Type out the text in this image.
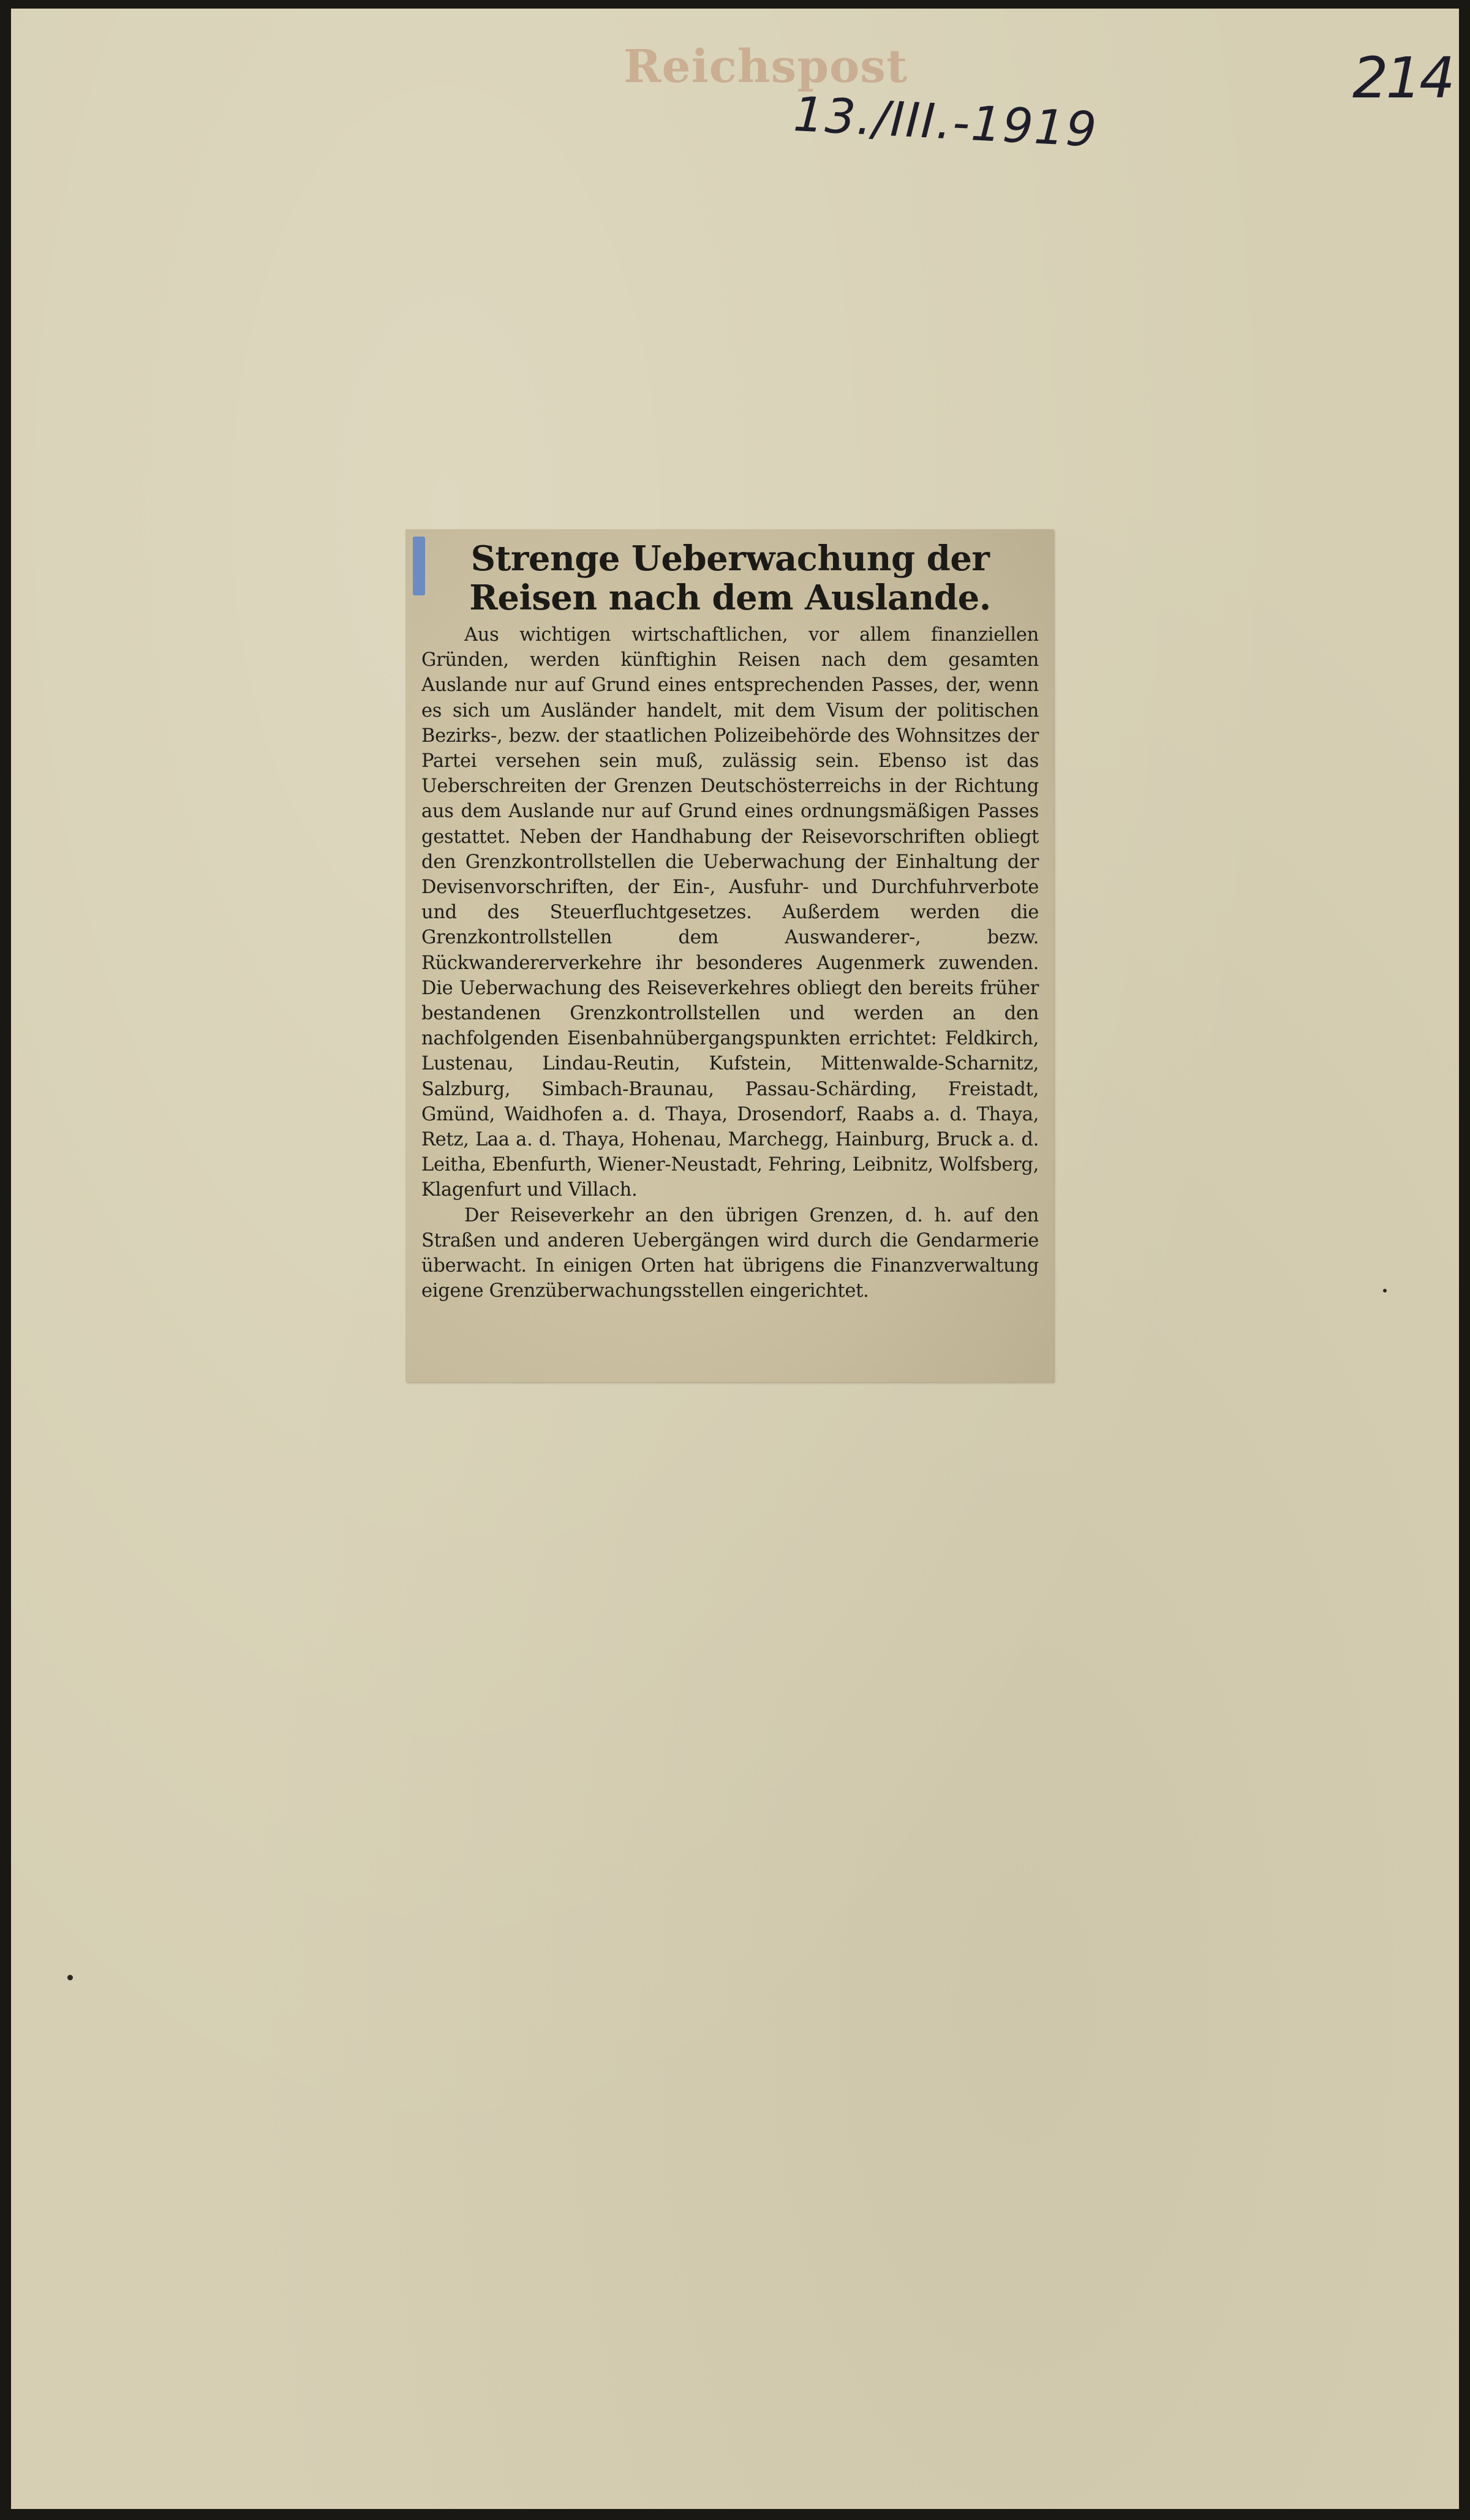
Reichspost
13./III.-1919
214
Strenge Ueberwachung der Reisen nach dem Auslande.

Aus wichtigen wirtschaftlichen, vor allem finanziellen Gründen, werden künftighin Reisen nach dem gesamten Auslande nur auf Grund eines entsprechenden Passes, der, wenn es sich um Ausländer handelt, mit dem Visum der politischen Bezirks-, bezw. der staatlichen Polizeibehörde des Wohnsitzes der Partei versehen sein muß, zulässig sein. Ebenso ist das Ueberschreiten der Grenzen Deutschösterreichs in der Richtung aus dem Auslande nur auf Grund eines ordnungsmäßigen Passes gestattet. Neben der Handhabung der Reisevorschriften obliegt den Grenzkontrollstellen die Ueberwachung der Einhaltung der Devisenvorschriften, der Ein-, Ausfuhr- und Durchfuhrverbote und des Steuerfluchtgesetzes. Außerdem werden die Grenzkontrollstellen dem Auswanderer-, bezw. Rückwandererverkehre ihr besonderes Augenmerk zuwenden. Die Ueberwachung des Reiseverkehres obliegt den bereits früher bestandenen Grenzkontrollstellen und werden an den nachfolgenden Eisenbahnübergangspunkten errichtet: Feldkirch, Lustenau, Lindau-Reutin, Kufstein, Mittenwalde-Scharnitz, Salzburg, Simbach-Braunau, Passau-Schärding, Freistadt, Gmünd, Waidhofen a. d. Thaya, Drosendorf, Raabs a. d. Thaya, Retz, Laa a. d. Thaya, Hohenau, Marchegg, Hainburg, Bruck a. d. Leitha, Ebenfurth, Wiener-Neustadt, Fehring, Leibnitz, Wolfsberg, Klagenfurt und Villach.

Der Reiseverkehr an den übrigen Grenzen, d. h. auf den Straßen und anderen Uebergängen wird durch die Gendarmerie überwacht. In einigen Orten hat übrigens die Finanzverwaltung eigene Grenzüberwachungsstellen eingerichtet.
